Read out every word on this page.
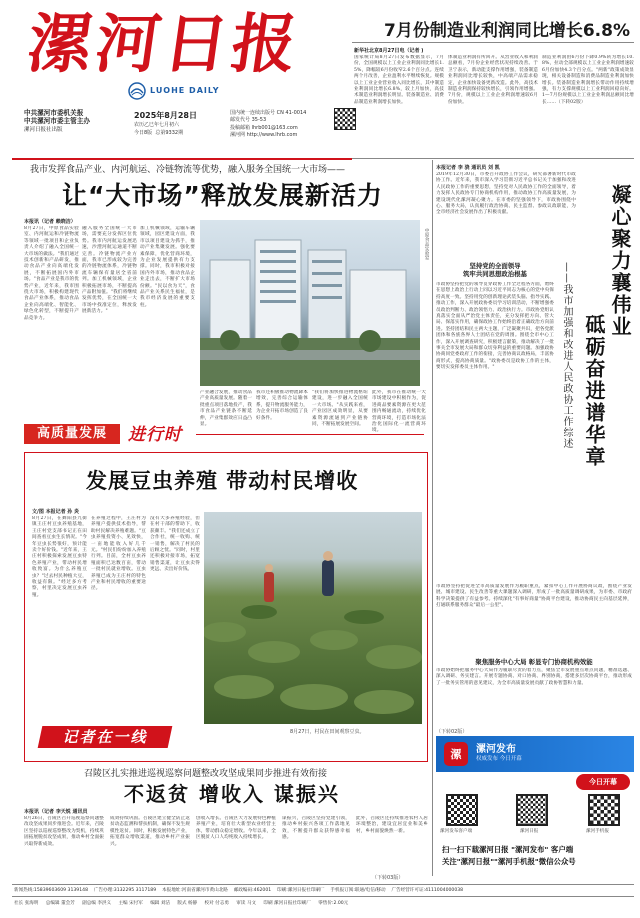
漯河日报
LUOHE DAILY
中共漯河市委机关报
中共漯河市委主管主办
漯河日报社出版
2025年8月28日
农历乙巳年七月初六
今日8版 总第9332期
国内统一连续出版号 CN 41-0014
邮发代号 35-53
投稿邮箱 lhrb001@163.com
漯河网 http://www.lhrb.com
7月份制造业利润同比增长6.8%
新华社北京8月27日电（记者 )
国家统计局8月27日发布数据显示，7月份，全国规模以上工业企业利润同比增长1.5%，降幅较6月份收窄2.6个百分点。连续两个月改善，企业盈利水平继续恢复。规模以上工业企业营业收入同比增长，其中制造业利润同比增长6.8%，较上月加快，高技术制造业利润增长明显。装备制造业、消费品制造业利润增长加快。
体制造业利润有所回升。从营业收入和利润总额看，7月份企业经营状况持续改善。于卫宁表示，新动能支撑作用增强，装备制造业利润同比增长较快，中高端产品需求稳定，企业加快设备更新改造。此外，高技术制造业利润保持较快增长，引领作用增强。7月份，规模以上工业企业利润增速较6月份加快。
制造业利润由6月份下降0.9%转为增长10.8%，拉动全部规模以上工业企业利润增速较6月份加快4.3个百分点。"两新"政策成效显现，相关设备制造和消费品制造业利润加快增长。装备制造业利润增长带动作用持续增强，有力支撑规模以上工业利润回稳向好。1—7月份规模以上工业企业利润总额同比增长……（下转02版）
我市发挥食品产业、内河航运、冷链物流等优势，融入服务全国统一大市场——
让“大市场”释放发展新活力
本报讯（记者 赖晓洁）
8月27日，中原食品实验室、内河航运和冷链物流等领域一批项目和企业负责人介绍了融入全国统一大市场的做法。"我们通过技术创新和产品研发，推动食品产业向高端化发展，不断拓展国内外市场。"食品产业是我市的优势产业，近年来，我市围绕大市场，积极构建现代食品产业体系，推动食品企业向高端化、智能化、绿色化转型，不断提升产品竞争力。
融入服务全国统一大市场，需要充分发挥区位优势。我市内河航运发展迅速，沙澧河航运通道不断完善。冷链物流产业方面，我市已形成较为完善的冷链物流体系，冷链物流车辆保有量居全省前列。加工机械领域，企业积极拓展市场，不断提高产品附加值。"我们将继续发挥优势，在全国统一大市场中找准定位，释放发展新活力。"
加工机械领域，运输车辆领域，园区建设方面，我市以项目建设为抓手，推动产业集聚发展。强化要素保障，优化营商环境，为企业发展提供有力支撑。同时，我市积极对接国内外市场，推动食品企业走出去，不断扩大市场份额。"民以食为天"，食品产业关系民生福祉，是我市经济发展的重要支柱。
中原食品实验室
产业融合发展，推动食品产业高质量发展。随着一批重点项目落地投产，我市食品产业链条不断延伸，产业集群效应日益凸显。
我市还积极推动物流降本增效，完善综合运输体系，提升物流服务能力，为企业开拓市场创造了良好条件。
"我们将加快推进物流枢纽建设，进一步融入全国统一大市场。"从实践来看，产业园区成效明显，从要素资源流通到产业链协同，不断拓展发展空间。
此外，我市在推动统一大市场建设中积极作为，促进商品要素资源在更大范围内畅通流动，持续优化营商环境，打造市场化法治化国际化一流营商环境。
高质量发展	进行时
发展豆虫养殖 带动村民增收
文/图 本报记者 孙 炎
8月27日，在舞阳县九街镇王庄村豆虫养殖基地，王庄村党支部书记正在田间查看豆虫生长情况。"今年豆虫长势很好，预计能卖个好价钱。"近年来，王庄村积极探索发展豆虫特色养殖产业，带动村民增收致富。为什么养殖豆虫？"过去村民种植大豆，收益有限。"经过多方考察，村里决定发展豆虫养殖。
在养殖过程中，王庄村为养殖户提供技术指导，帮助村民解决养殖难题。"豆虫养殖投资小、见效快，一亩地能收入好几千元。"村民们纷纷加入养殖行列。目前，全村豆虫养殖面积已达数百亩，带动一批村民就业增收。豆虫养殖已成为王庄村的特色产业和村民增收的重要途径。
没有大多养殖经验，但在村干部的帮助下，收获颇丰。"我们还成立了合作社，统一收购、统一销售，解决了村民的后顾之忧。"同时，村里还积极对接市场，拓宽销售渠道，让豆虫卖得更远、卖出好价钱。
8月27日，村民在田间观察豆虫。
记者在一线
召陵区扎实推进巡视巡察问题整改攻坚成果同步推进有效衔接
不返贫 增收入 谋振兴
本报讯（记者 李天锐 通讯员
8月26日，召陵区召开巡视巡察问题整改攻坚成果同步推进会。近年来，召陵区坚持以巡视巡察整改为契机，持续巩固拓展脱贫攻坚成果，推动乡村全面振兴取得新成效。
成效持续巩固。召陵区建立健全防止返贫动态监测和帮扶机制，确保不发生规模性返贫。同时，积极发展特色产业，拓宽群众增收渠道，推动乡村产业振兴。
创收入增长。召陵区大力发展特色种植养殖产业，培育壮大新型农业经营主体，带动群众稳定增收。今年以来，全区脱贫人口人均纯收入持续增长。
谋振兴，召陵区坚持党建引领，推动乡村振兴各项工作落地见效，不断提升群众获得感幸福感。
此外，召陵区还持续推进农村人居环境整治，建设宜居宜业和美乡村，乡村面貌焕然一新。
（下转03版）
本报记者 李 骁 通讯员 刘 凯
2019年12月30日，市委召开政协工作会议，研究部署新时代市政协工作。近年来，我市深入学习贯彻习近平总书记关于加强和改进人民政协工作的重要思想，坚持党对人民政协工作的全面领导，着力发挥人民政协专门协商机构作用，推动政协工作高质量发展，为建设现代化漯河凝心聚力。在市委的坚强领导下，市政协围绕中心、服务大局，认真履行政治协商、民主监督、参政议政职能，为全市经济社会发展作出了积极贡献。	凝心聚力襄伟业
砥砺奋进谱华章
——我市加强和改进人民政协工作综述
坚持党的全面领导
筑牢共同思想政治根基
市政协坚持把党的领导贯穿政协工作全过程各方面，始终在思想上政治上行动上同以习近平同志为核心的党中央保持高度一致。坚持用党的创新理论武装头脑、指导实践、推动工作，深入开展政协委员学习培训活动，不断增强委员政治判断力、政治领悟力、政治执行力。市政协党组认真落实全面从严治党主体责任，充分发挥把方向、管大局、保落实作用，确保政协工作始终沿着正确政治方向前进。坚持团结和民主两大主题，广泛凝聚共识，把各党派团体和各族各界人士团结在党的周围。围绕全市中心工作，深入开展调查研究，积极建言献策，推动解决了一批事关全市发展大局和群众切身利益的重要问题。加强政协协商同党委政府工作的衔接，完善协商议政格局，丰富协商形式，提高协商质量。"政协委员是政协工作的主体，要切实发挥委员主体作用。"
市政协坚持把促进全市高质量发展作为履职重点，紧扣中心工作开展协商议政，围绕产业发展、城市建设、民生改善等重大课题深入调研，形成了一批高质量调研成果，为市委、市政府科学决策提供了有益参考。持续深化"有事好商量"协商平台建设，推动协商民主向基层延伸，打通联系服务群众"最后一公里"。
聚焦服务中心大局 彰显专门协商机构效能
市政协始终把服务中心大局作为履职尽责的着力点，聚焦全市发展重点难点问题，精准选题、深入调研、务实建言。开展专题协商、对口协商、界别协商，搭建多层次协商平台，推动形成了一批务实管用的意见建议，为全市高质量发展贡献了政协智慧和力量。
（下转02版）
漯河发布
权威发布 今日开幕
漯
今日开幕
漯河发布客户端	漯河日报	漯河手机报
扫一扫下载漯河日报 "漯河发布" 客户端
关注"漯河日报""漯河手机报"微信公众号
新闻热线:15839603609 3139148 广告办理:3132295 3117189 本报地址:河南省漯河市黄山北路 邮政编码:462001 印刷:漯河日报社印刷厂 手机报订阅:联通/电信/移动 广告经营许可证:4111004000038
社长 张海明 总编辑 董会芳 副总编 李洪义 主编 宋付军 编辑 刘洁 版式 杨静 校对 付志勇 审读 马文 印刷 漯河日报社印刷厂 零售价:2.00元
